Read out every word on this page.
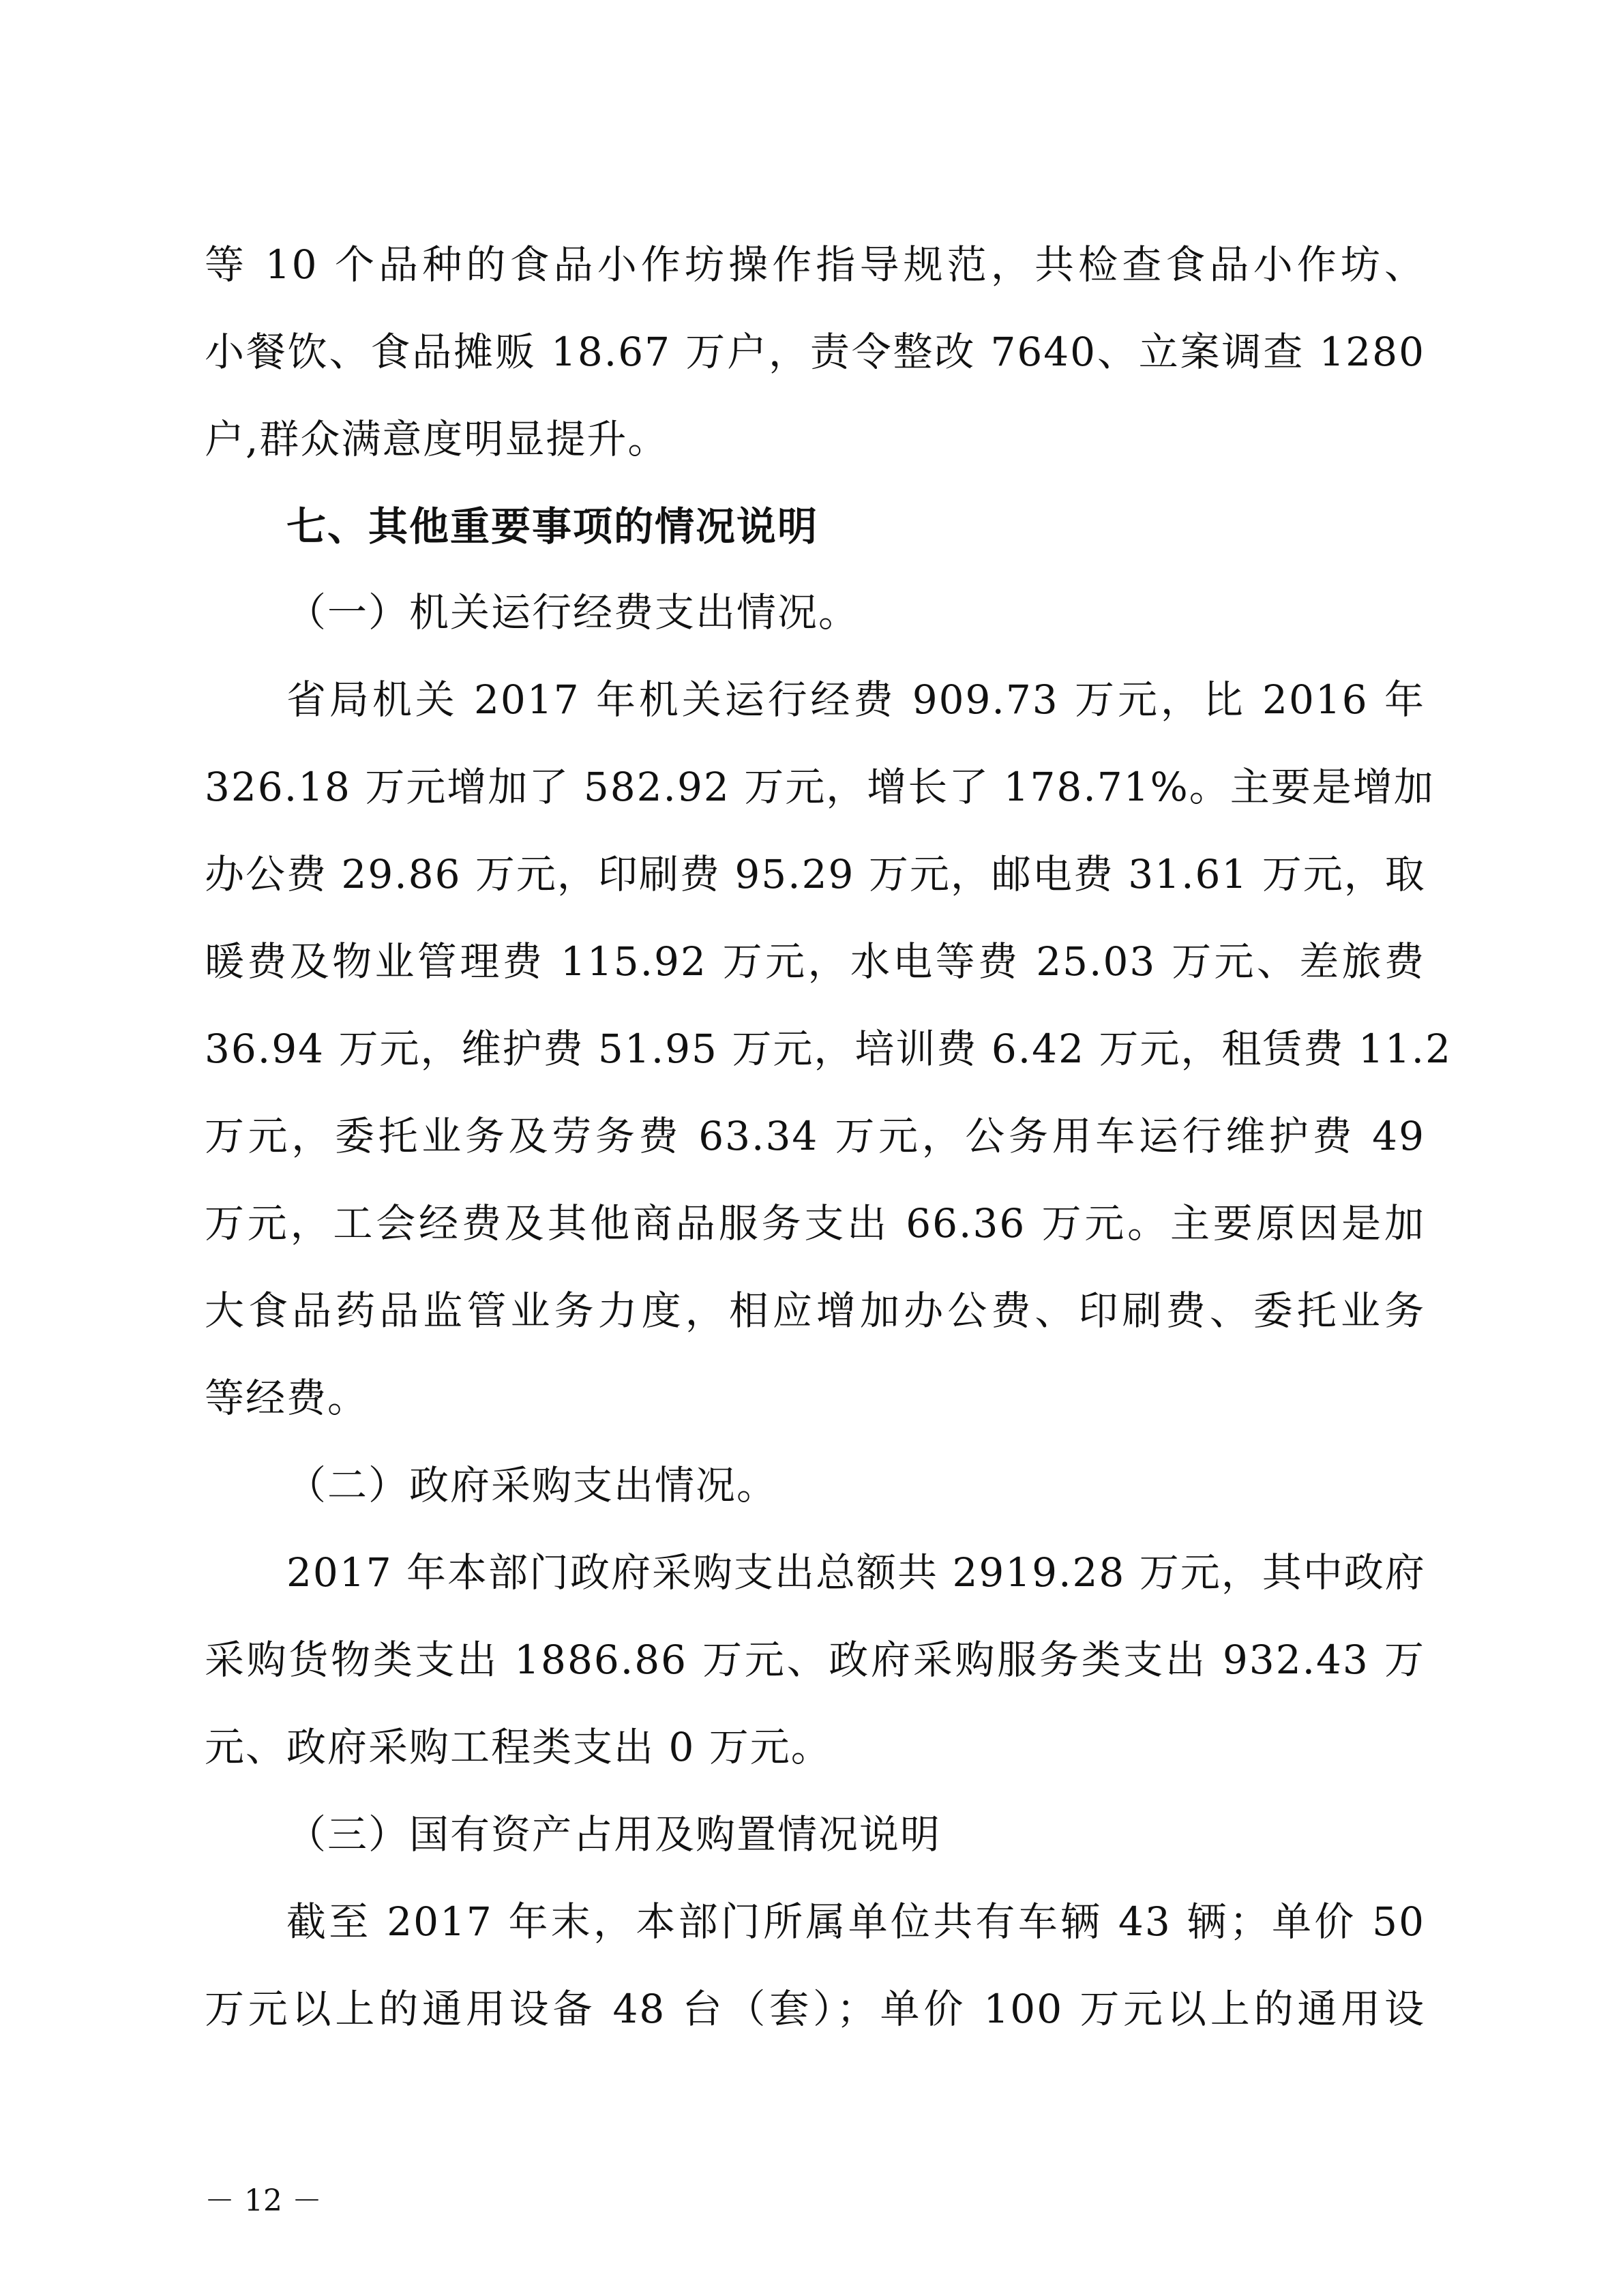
等 10 个品种的食品小作坊操作指导规范，共检查食品小作坊、
小餐饮、食品摊贩 18.67 万户，责令整改 7640、立案调查 1280
户,群众满意度明显提升。
七、其他重要事项的情况说明
（一）机关运行经费支出情况。
省局机关 2017 年机关运行经费 909.73 万元，比 2016 年
326.18 万元增加了 582.92 万元，增长了 178.71%。主要是增加
办公费 29.86 万元，印刷费 95.29 万元，邮电费 31.61 万元，取
暖费及物业管理费 115.92 万元，水电等费 25.03 万元、差旅费
36.94 万元，维护费 51.95 万元，培训费 6.42 万元，租赁费 11.2
万元，委托业务及劳务费 63.34 万元，公务用车运行维护费 49
万元，工会经费及其他商品服务支出 66.36 万元。主要原因是加
大食品药品监管业务力度，相应增加办公费、印刷费、委托业务
等经费。
（二）政府采购支出情况。
2017 年本部门政府采购支出总额共 2919.28 万元，其中政府
采购货物类支出 1886.86 万元、政府采购服务类支出 932.43 万
元、政府采购工程类支出 0 万元。
（三）国有资产占用及购置情况说明
截至 2017 年末，本部门所属单位共有车辆 43 辆；单价 50
万元以上的通用设备 48 台（套）；单价 100 万元以上的通用设
－ 12 －
